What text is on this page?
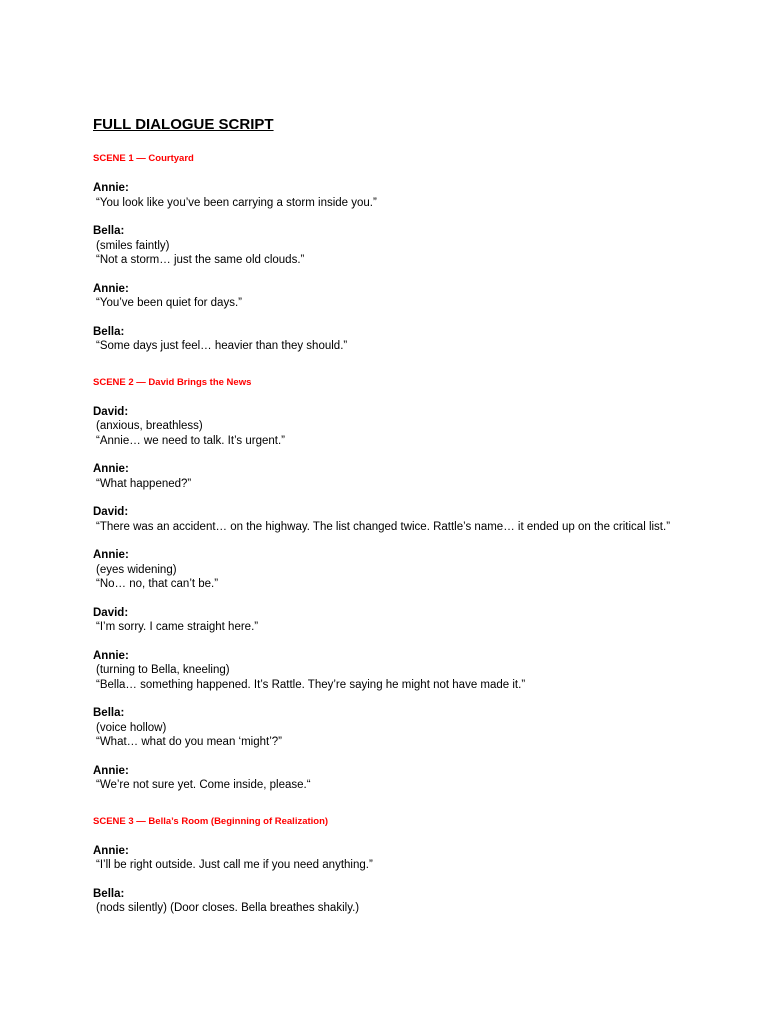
FULL DIALOGUE SCRIPT
SCENE 1 — Courtyard
Annie:
“You look like you’ve been carrying a storm inside you.”
Bella:
(smiles faintly)
“Not a storm… just the same old clouds.”
Annie:
“You’ve been quiet for days.”
Bella:
“Some days just feel… heavier than they should.”
SCENE 2 — David Brings the News
David:
(anxious, breathless)
“Annie… we need to talk. It’s urgent.”
Annie:
“What happened?”
David:
“There was an accident… on the highway. The list changed twice. Rattle’s name… it ended up on the critical list.”
Annie:
(eyes widening)
“No… no, that can’t be.”
David:
“I’m sorry. I came straight here.”
Annie:
(turning to Bella, kneeling)
“Bella… something happened. It’s Rattle. They’re saying he might not have made it.”
Bella:
(voice hollow)
“What… what do you mean ‘might’?”
Annie:
“We’re not sure yet. Come inside, please.“
SCENE 3 — Bella’s Room (Beginning of Realization)
Annie:
“I’ll be right outside. Just call me if you need anything.”
Bella:
(nods silently) (Door closes. Bella breathes shakily.)
